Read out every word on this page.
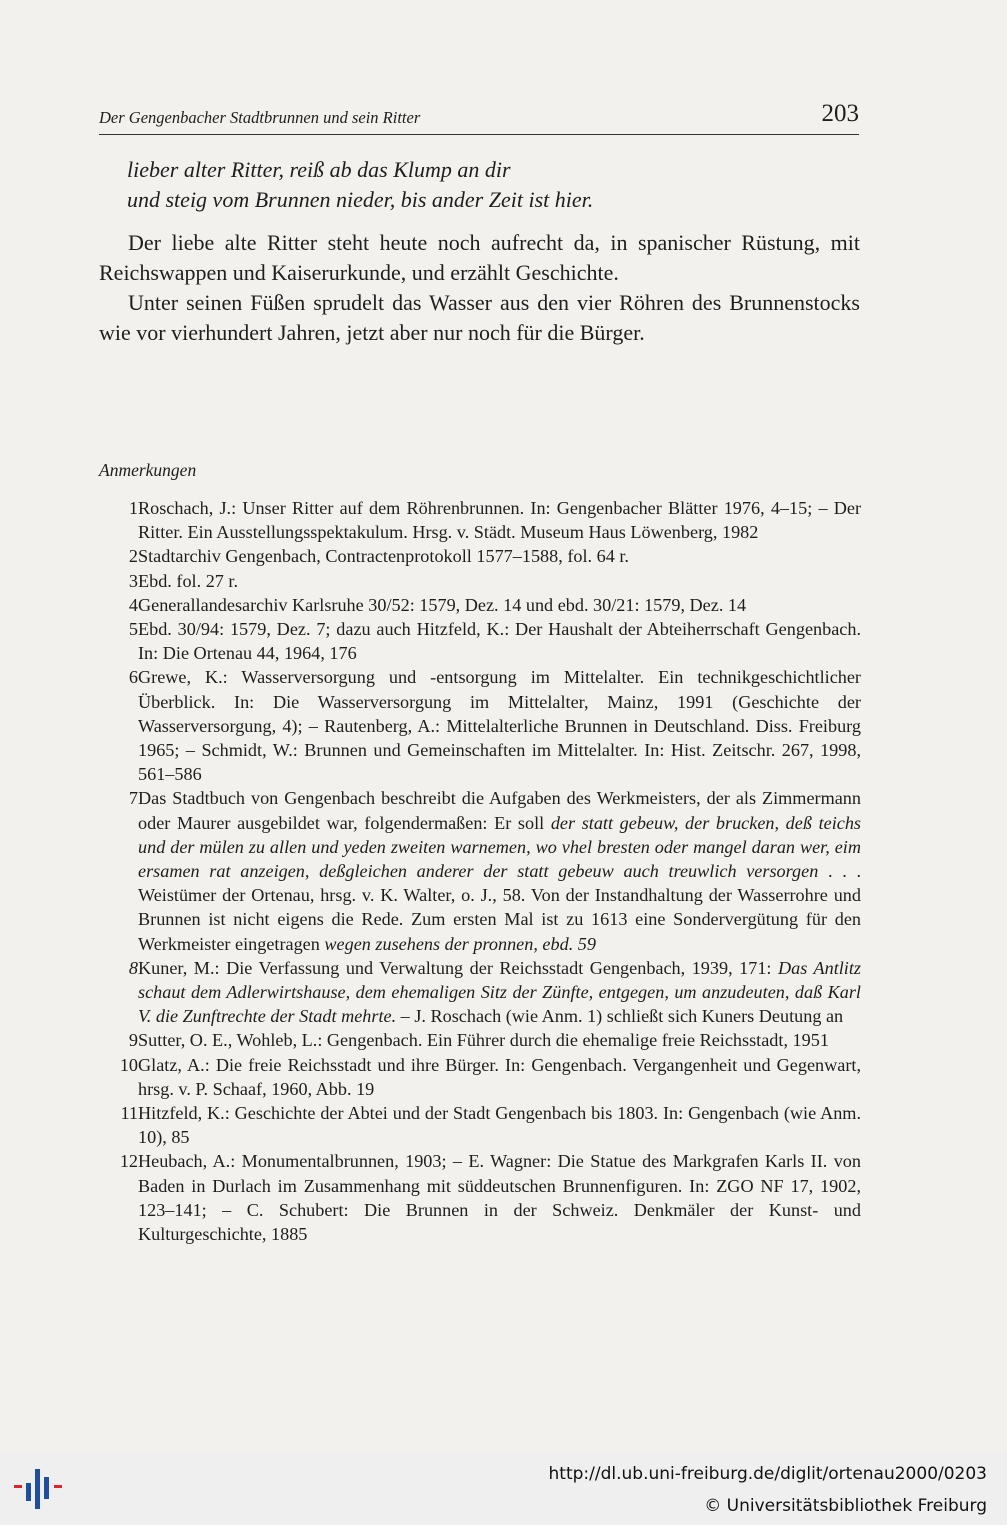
Der Gengenbacher Stadtbrunnen und sein Ritter	203
lieber alter Ritter, reiß ab das Klump an dir
und steig vom Brunnen nieder, bis ander Zeit ist hier.

Der liebe alte Ritter steht heute noch aufrecht da, in spanischer Rüstung, mit Reichswappen und Kaiserurkunde, und erzählt Geschichte.

Unter seinen Füßen sprudelt das Wasser aus den vier Röhren des Brunnenstocks wie vor vierhundert Jahren, jetzt aber nur noch für die Bürger.

Anmerkungen
1 Roschach, J.: Unser Ritter auf dem Röhrenbrunnen. In: Gengenbacher Blätter 1976, 4–15; – Der Ritter. Ein Ausstellungsspektakulum. Hrsg. v. Städt. Museum Haus Löwenberg, 1982
2 Stadtarchiv Gengenbach, Contractenprotokoll 1577–1588, fol. 64 r.
3 Ebd. fol. 27 r.
4 Generallandesarchiv Karlsruhe 30/52: 1579, Dez. 14 und ebd. 30/21: 1579, Dez. 14
5 Ebd. 30/94: 1579, Dez. 7; dazu auch Hitzfeld, K.: Der Haushalt der Abteiherrschaft Gengenbach. In: Die Ortenau 44, 1964, 176
6 Grewe, K.: Wasserversorgung und -entsorgung im Mittelalter. Ein technikgeschichtlicher Überblick. In: Die Wasserversorgung im Mittelalter, Mainz, 1991 (Geschichte der Wasserversorgung, 4); – Rautenberg, A.: Mittelalterliche Brunnen in Deutschland. Diss. Freiburg 1965; – Schmidt, W.: Brunnen und Gemeinschaften im Mittelalter. In: Hist. Zeitschr. 267, 1998, 561–586
7 Das Stadtbuch von Gengenbach beschreibt die Aufgaben des Werkmeisters, der als Zimmermann oder Maurer ausgebildet war, folgendermaßen: Er soll der statt gebeuw, der brucken, deß teichs und der mülen zu allen und yeden zweiten warnemen, wo vhel bresten oder mangel daran wer, eim ersamen rat anzeigen, deßgleichen anderer der statt gebeuw auch treuwlich versorgen . . . Weistümer der Ortenau, hrsg. v. K. Walter, o. J., 58. Von der Instandhaltung der Wasserrohre und Brunnen ist nicht eigens die Rede. Zum ersten Mal ist zu 1613 eine Sondervergütung für den Werkmeister eingetragen wegen zusehens der pronnen, ebd. 59
8 Kuner, M.: Die Verfassung und Verwaltung der Reichsstadt Gengenbach, 1939, 171: Das Antlitz schaut dem Adlerwirtshause, dem ehemaligen Sitz der Zünfte, entgegen, um anzudeuten, daß Karl V. die Zunftrechte der Stadt mehrte. – J. Roschach (wie Anm. 1) schließt sich Kuners Deutung an
9 Sutter, O. E., Wohleb, L.: Gengenbach. Ein Führer durch die ehemalige freie Reichsstadt, 1951
10 Glatz, A.: Die freie Reichsstadt und ihre Bürger. In: Gengenbach. Vergangenheit und Gegenwart, hrsg. v. P. Schaaf, 1960, Abb. 19
11 Hitzfeld, K.: Geschichte der Abtei und der Stadt Gengenbach bis 1803. In: Gengenbach (wie Anm. 10), 85
12 Heubach, A.: Monumentalbrunnen, 1903; – E. Wagner: Die Statue des Markgrafen Karls II. von Baden in Durlach im Zusammenhang mit süddeutschen Brunnenfiguren. In: ZGO NF 17, 1902, 123–141; – C. Schubert: Die Brunnen in der Schweiz. Denkmäler der Kunst- und Kulturgeschichte, 1885
http://dl.ub.uni-freiburg.de/diglit/ortenau2000/0203
© Universitätsbibliothek Freiburg
